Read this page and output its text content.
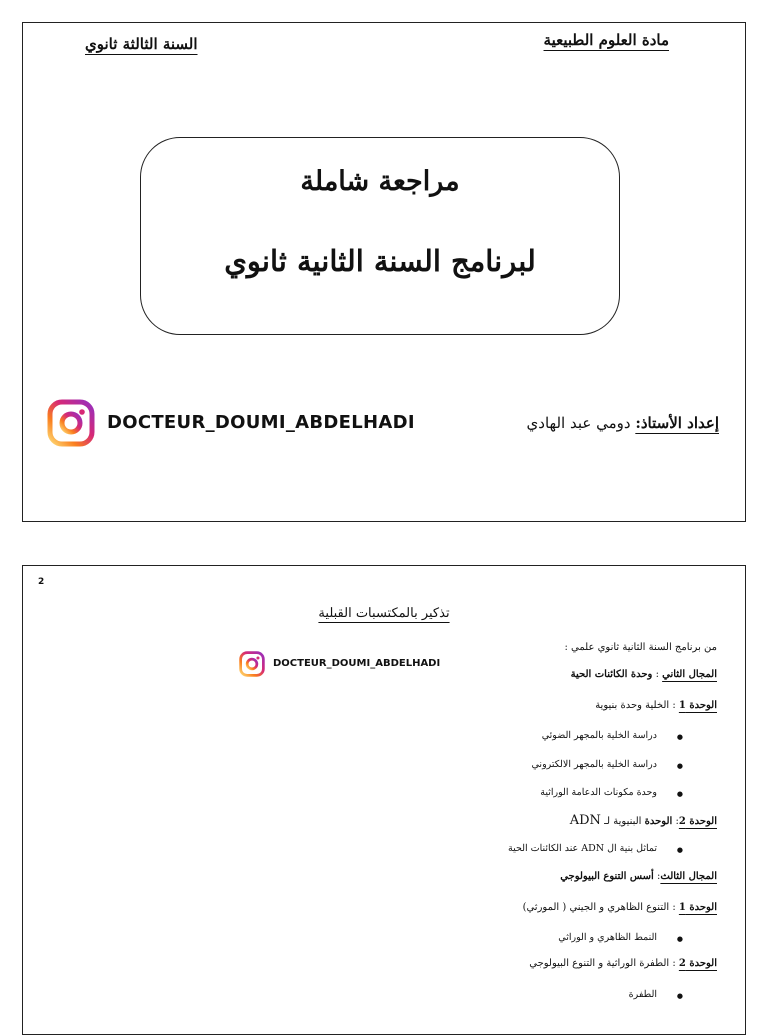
مادة العلوم الطبيعية
السنة الثالثة ثانوي
مراجعة شاملة
لبرنامج السنة الثانية ثانوي
DOCTEUR_DOUMI_ABDELHADI	إعداد الأستاذ: دومي عبد الهادي
2
تذكير بالمكتسبات القبلية
DOCTEUR_DOUMI_ABDELHADI
من برنامج السنة الثانية ثانوي علمي :
المجال الثاني : وحدة الكائنات الحية
الوحدة 1 : الخلية وحدة بنيوية
دراسة الخلية بالمجهر الضوئي ●
دراسة الخلية بالمجهر الالكتروني ●
وحدة مكونات الدعامة الوراثية ●
الوحدة 2: الوحدة البنيوية لـ ADN
تماثل بنية ال ADN عند الكائنات الحية ●
المجال الثالث: أسس التنوع البيولوجي
الوحدة 1 : التنوع الظاهري و الجيني ( المورثي)
النمط الظاهري و الوراثي ●
الوحدة 2 : الطفرة الوراثية و التنوع البيولوجي
الطفرة ●
